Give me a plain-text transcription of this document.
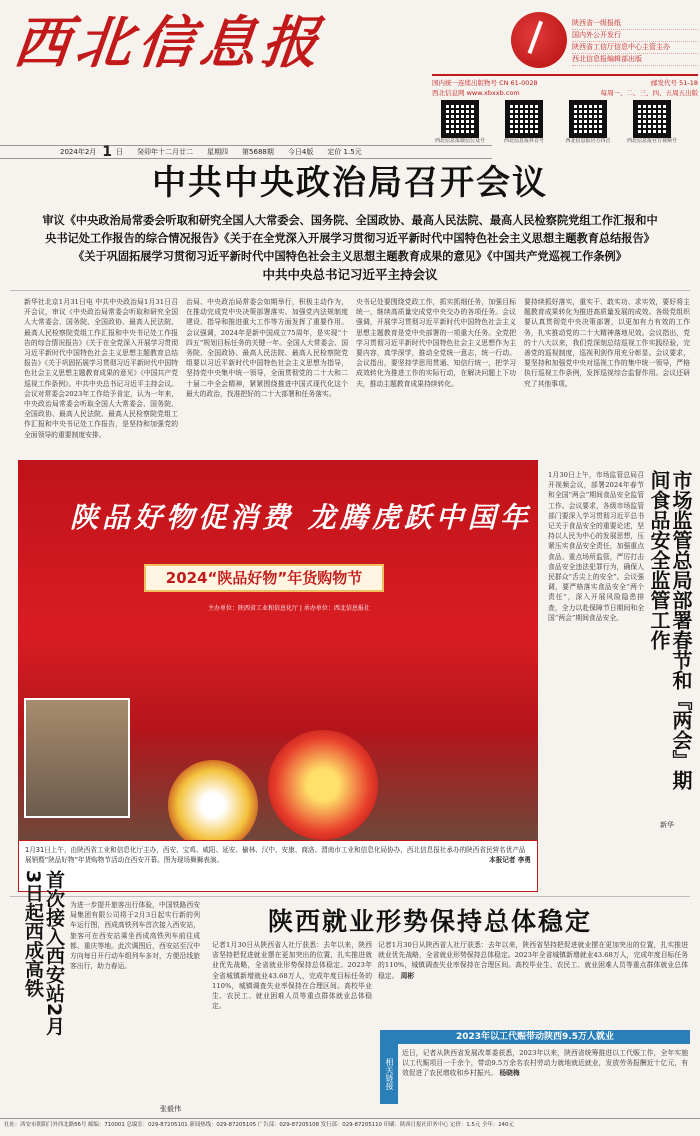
西北信息报	陕西省一级报纸
国内外公开发行
陕西省工信厅信息中心主管主办
西北信息报编辑部出版
国内统一连续出版物号 CN 61-0028	邮发代号 51-18
西北信息网 www.xbxxb.com	每周一、二、三、四、五周五出版
西北信息报微信公众号	西北信息报抖音号	西北信息报官方抖音	西北信息报官方视频号
2024年2月 1 日 癸卯年十二月廿二 星期四 第5688期 今日4版 定价 1.5元
中共中央政治局召开会议
审议《中央政治局常委会听取和研究全国人大常委会、国务院、全国政协、最高人民法院、最高人民检察院党组工作汇报和中
央书记处工作报告的综合情况报告》《关于在全党深入开展学习贯彻习近平新时代中国特色社会主义思想主题教育总结报告》
《关于巩固拓展学习贯彻习近平新时代中国特色社会主义思想主题教育成果的意见》《中国共产党巡视工作条例》
中共中央总书记习近平主持会议
新华社北京1月31日电 中共中央政治局1月31日召开会议，审议《中央政治局常委会听取和研究全国人大常委会、国务院、全国政协、最高人民法院、最高人民检察院党组工作汇报和中央书记处工作报告的综合情况报告》《关于在全党深入开展学习贯彻习近平新时代中国特色社会主义思想主题教育总结报告》《关于巩固拓展学习贯彻习近平新时代中国特色社会主义思想主题教育成果的意见》《中国共产党巡视工作条例》。中共中央总书记习近平主持会议。会议对常委会2023年工作给予肯定，认为一年来，中央政治局常委会听取全国人大常委会、国务院、全国政协、最高人民法院、最高人民检察院党组工作汇报和中央书记处工作报告，是坚持和加强党的全面领导的重要制度安排。
治局、中央政治局常委会如期举行，积极主动作为，在推动完成党中央决策部署落实、加强党内法规制度建设、指导和推进重大工作等方面发挥了重要作用。会议强调，2024年是新中国成立75周年，是实现“十四五”规划目标任务的关键一年。全国人大常委会、国务院、全国政协、最高人民法院、最高人民检察院党组要以习近平新时代中国特色社会主义思想为指导，坚持党中央集中统一领导，全面贯彻党的二十大和二十届二中全会精神，紧紧围绕推进中国式现代化这个最大的政治，找准把好的二十大部署和任务落实。
央书记处要围绕党政工作，抓实抓细任务，加强目标统一，继续高质量完成党中央交办的各项任务。会议强调，开展学习贯彻习近平新时代中国特色社会主义思想主题教育是党中央部署的一项重大任务。全党把学习贯彻习近平新时代中国特色社会主义思想作为主要内容，真学深学，推动全党统一意志，统一行动。会议指出，要坚持学思用贯通、知信行统一，把学习成效转化为推进工作的实际行动，在解决问题上下功夫，推动主题教育成果持续转化。
要持续抓好落实，重实干、敢实功、求实效，要好将主题教育成果转化为推进高质量发展的成效。各级党组织要认真贯彻党中央决策部署，以更加有力有效的工作务，扎实推动党的二十大精神落地见效。会议指出，党的十八大以来，我们党深刻总结巡视工作实践经验，完善党的巡视制度，巡视利剑作用充分彰显。会议要求，要坚持和加强党中央对巡视工作的集中统一领导，严格执行巡视工作条例，发挥巡视综合监督作用。会议还研究了其他事项。
陕品好物促消费 龙腾虎跃中国年
2024“陕品好物”年货购物节
主办单位：陕西省工业和信息化厅 | 承办单位：西北信息报社
1月31日上午，由陕西省工业和信息化厅主办，西安、宝鸡、咸阳、延安、榆林、汉中、安康、商洛、渭南市工业和信息化局协办，西北信息报社承办的陕西省民营名优产品展销暨“陕品好物”年货购物节活动在西安开幕。图为现场舞狮表演。	本报记者 李勇
1月30日上午，市场监管总局召开视频会议，部署2024年春节和全国“两会”期间食品安全监管工作。会议要求，各级市场监管部门要深入学习贯彻习近平总书记关于食品安全的重要论述，坚持以人民为中心的发展思想，压紧压实食品安全责任，加强重点食品、重点场所监管，严厉打击食品安全违法犯罪行为，确保人民群众“舌尖上的安全”。会议强调，要严格落实食品安全“两个责任”，深入开展风险隐患排查，全力以赴保障节日期间和全国“两会”期间食品安全。	市场监管总局部署春节和『两会』期间食品安全监管工作
新华
首次接入西安站2月3日起西成高铁	为进一步提升旅客出行体验，中国铁路西安局集团有限公司将于2月3日起实行新的列车运行图，西成高铁列车首次接入西安站，旅客可在西安站乘坐西成高铁列车前往成都、重庆等地。此次调图后，西安站至汉中方向每日开行动车组列车多对，方便沿线旅客出行，助力春运。
张毅伟
陕西就业形势保持总体稳定
记者1月30日从陕西省人社厅获悉：去年以来，陕西省坚持把促进就业摆在更加突出的位置，扎实推进就业优先战略，全省就业形势保持总体稳定。2023年全省城镇新增就业43.68万人，完成年度目标任务的110%，城镇调查失业率保持在合理区间。高校毕业生、农民工、就业困难人员等重点群体就业总体稳定。
记者1月30日从陕西省人社厅获悉：去年以来，陕西省坚持把促进就业摆在更加突出的位置，扎实推进就业优先战略，全省就业形势保持总体稳定。2023年全省城镇新增就业43.68万人，完成年度目标任务的110%，城镇调查失业率保持在合理区间。高校毕业生、农民工、就业困难人员等重点群体就业总体稳定。 周彬
2023年以工代赈带动陕西9.5万人就业
相关链接
近日，记者从陕西省发展改革委获悉，2023年以来，陕西省统筹推进以工代赈工作，全年实施以工代赈项目一千余个，带动9.5万余名农村劳动力就地就近就业，发放劳务报酬近十亿元，有效促进了农民增收和乡村振兴。 杨晓梅
社址：西安市朝阳门外西北路56号 邮编：710001 总编室：029-87205101 新闻热线：029-87205105 广告部：029-87205108 发行部：029-87205110 印刷：陕西日报社印务中心 定价：1.5元 全年：240元
